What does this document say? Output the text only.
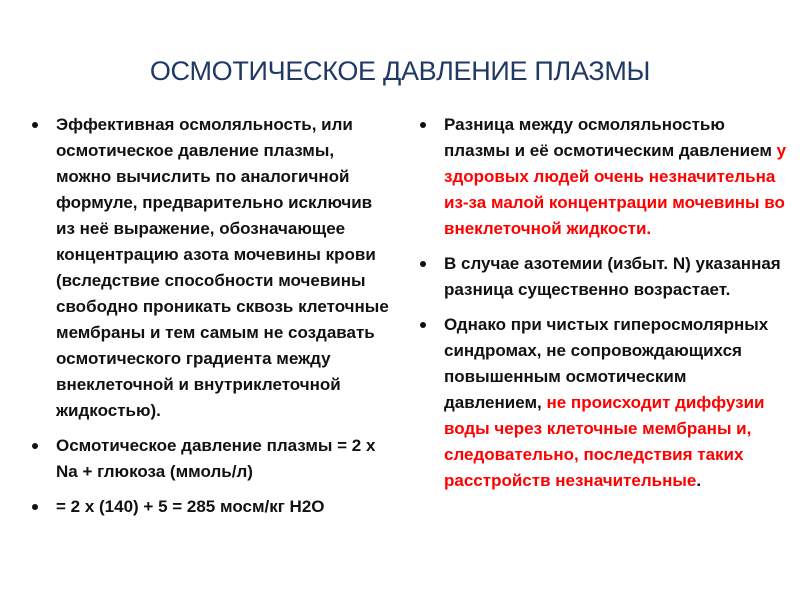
ОСМОТИЧЕСКОЕ ДАВЛЕНИЕ ПЛАЗМЫ
Эффективная осмоляльность, или осмотическое давление плазмы, можно вычислить по аналогичной формуле, предварительно исключив из неё выражение, обозначающее концентрацию азота мочевины крови (вследствие способности мочевины свободно проникать сквозь клеточные мембраны и тем самым не создавать осмотического градиента между внеклеточной и внутриклеточной жидкостью).
Осмотическое давление плазмы = 2 х Na + глюкоза (ммоль/л)
= 2 х (140) + 5 = 285 мосм/кг Н2О
Разница между осмоляльностью плазмы и её осмотическим давлением у здоровых людей очень незначительна из-за малой концентрации мочевины во внеклеточной жидкости.
В случае азотемии (избыт. N) указанная разница существенно возрастает.
Однако при чистых гиперосмолярных синдромах, не сопровождающихся повышенным осмотическим давлением, не происходит диффузии воды через клеточные мембраны и, следовательно, последствия таких расстройств незначительные.
